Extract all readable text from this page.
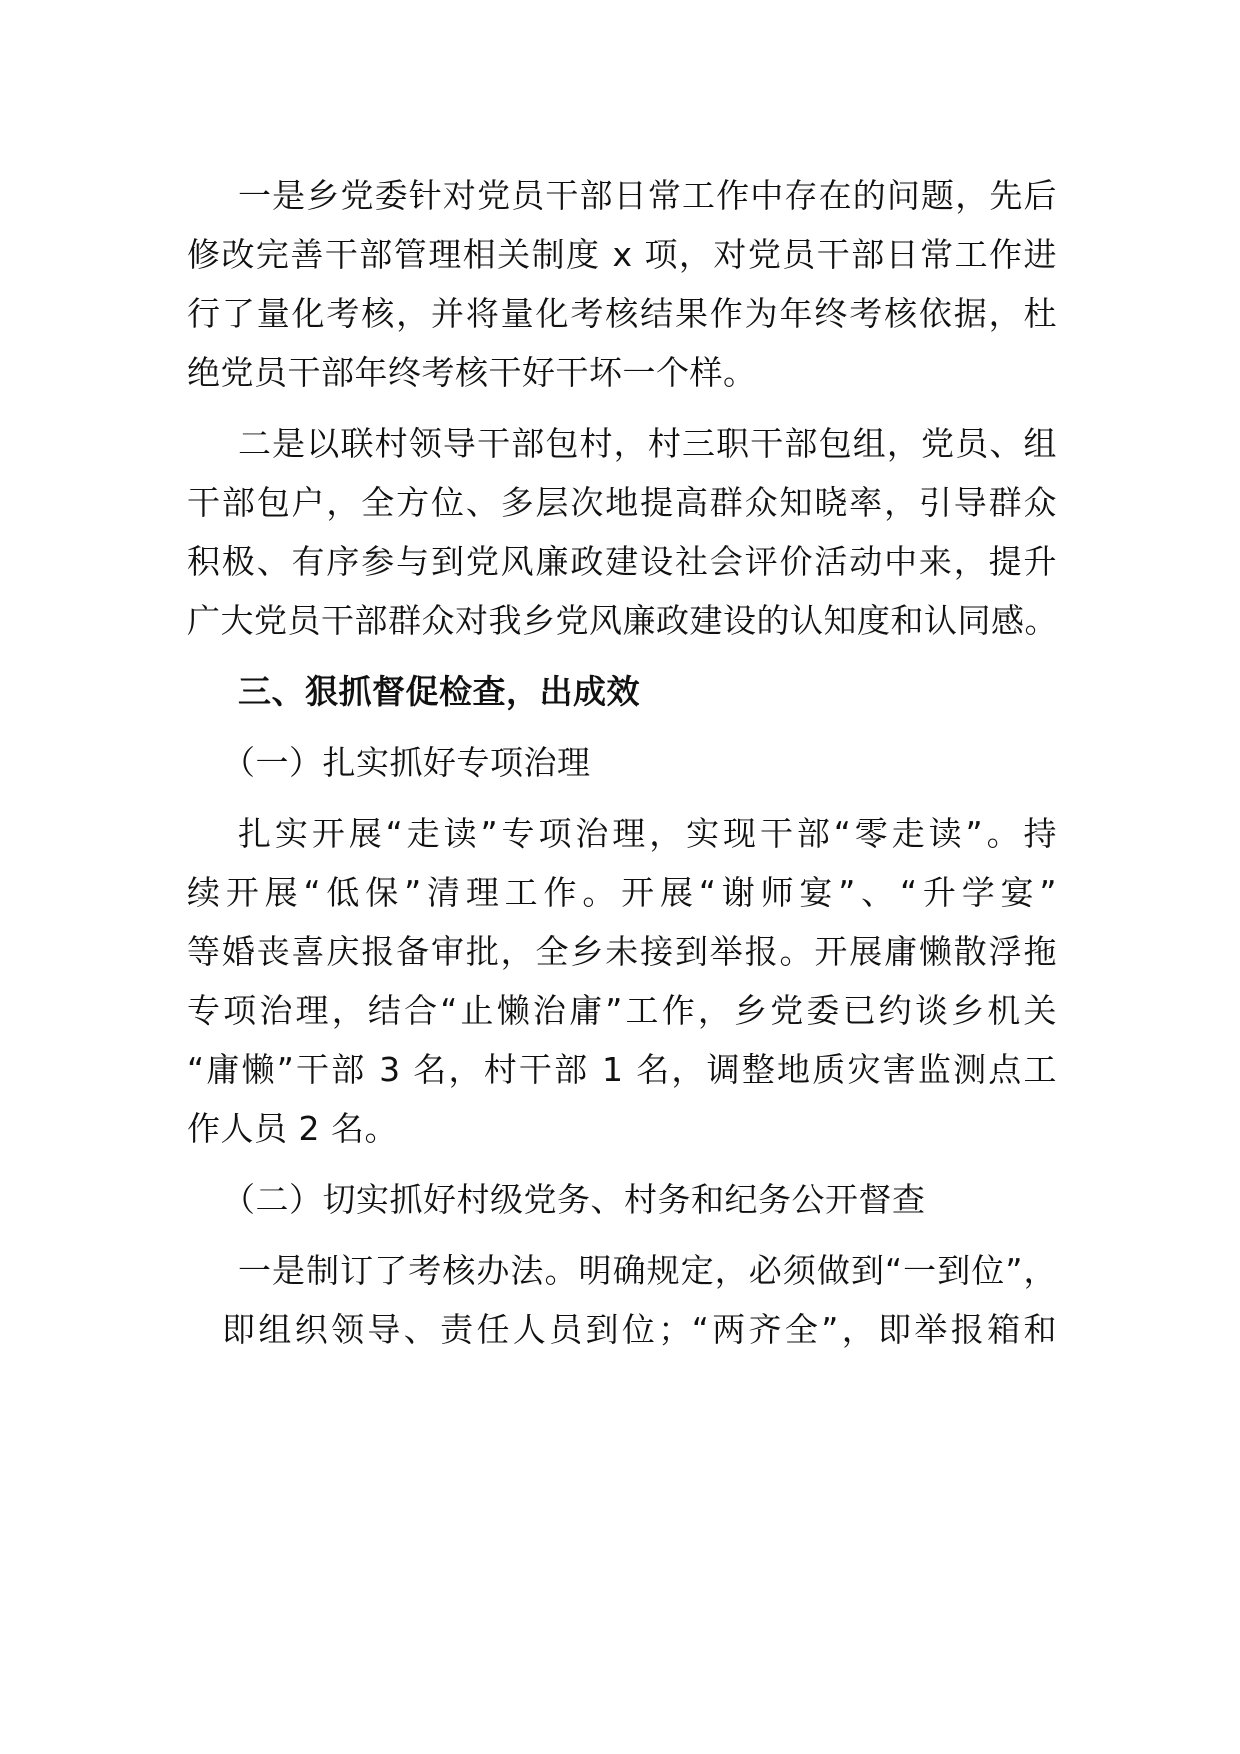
一是乡党委针对党员干部日常工作中存在的问题，先后
修改完善干部管理相关制度 x 项，对党员干部日常工作进
行了量化考核，并将量化考核结果作为年终考核依据，杜
绝党员干部年终考核干好干坏一个样。
二是以联村领导干部包村，村三职干部包组，党员、组
干部包户，全方位、多层次地提高群众知晓率，引导群众
积极、有序参与到党风廉政建设社会评价活动中来，提升
广大党员干部群众对我乡党风廉政建设的认知度和认同感。
三、狠抓督促检查，出成效
（一）扎实抓好专项治理
扎实开展“走读”专项治理，实现干部“零走读”。持
续开展“低保”清理工作。开展“谢师宴”、“升学宴”
等婚丧喜庆报备审批，全乡未接到举报。开展庸懒散浮拖
专项治理，结合“止懒治庸”工作，乡党委已约谈乡机关
“庸懒”干部 3 名，村干部 1 名，调整地质灾害监测点工
作人员 2 名。
（二）切实抓好村级党务、村务和纪务公开督查
一是制订了考核办法。明确规定，必须做到“一到位”，
即组织领导、责任人员到位；“两齐全”，即举报箱和
